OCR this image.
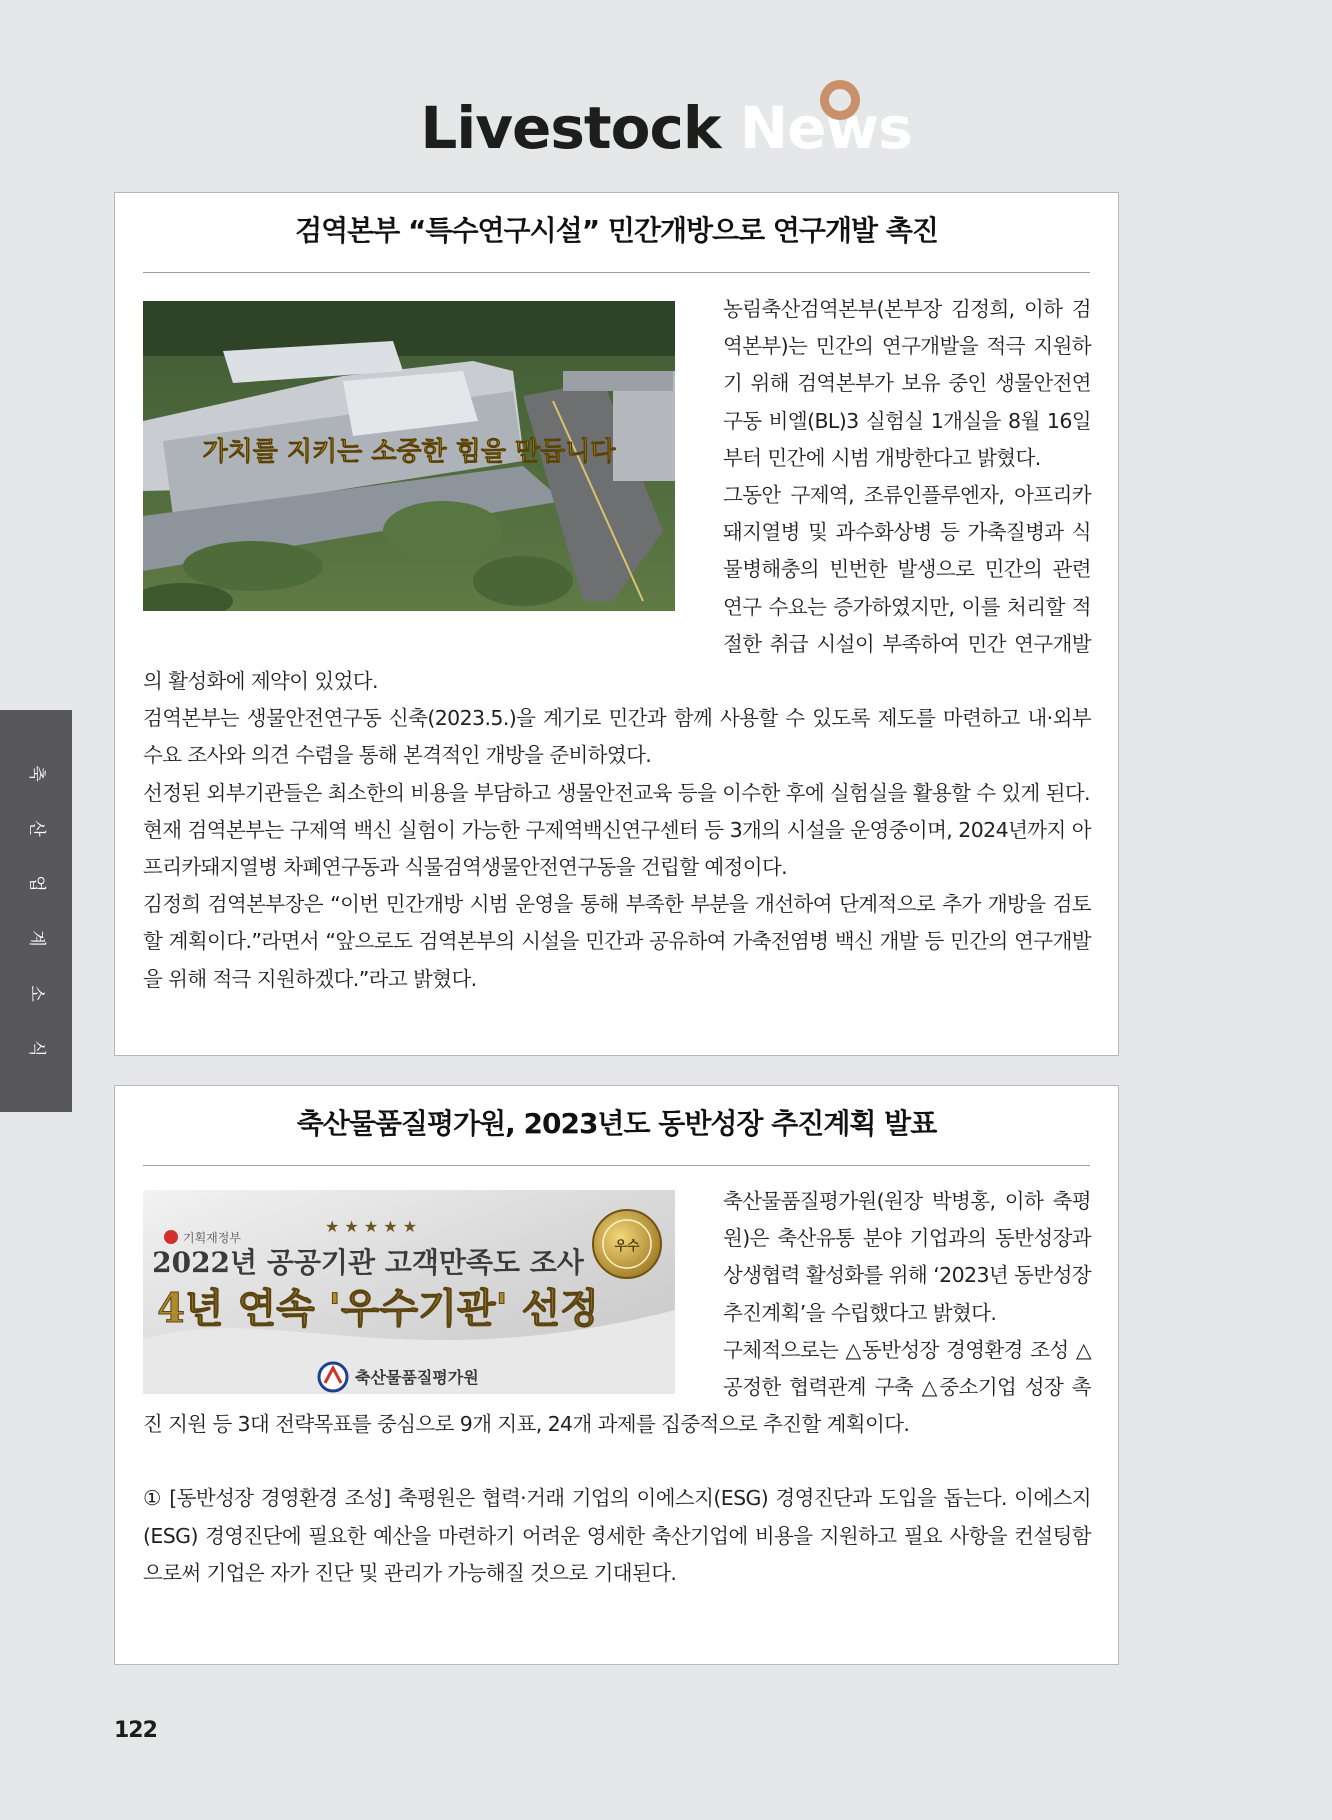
Livestock News
축
산
업
계
소
식
검역본부 “특수연구시설” 민간개방으로 연구개발 촉진
가치를 지키는 소중한 힘을 만듭니다

농림축산검역본부(본부장 김정희, 이하 검역본부)는 민간의 연구개발을 적극 지원하기 위해 검역본부가 보유 중인 생물안전연구동 비엘(BL)3 실험실 1개실을 8월 16일부터 민간에 시범 개방한다고 밝혔다.

그동안 구제역, 조류인플루엔자, 아프리카돼지열병 및 과수화상병 등 가축질병과 식물병해충의 빈번한 발생으로 민간의 관련 연구 수요는 증가하였지만, 이를 처리할 적절한 취급 시설이 부족하여 민간 연구개발의 활성화에 제약이 있었다.

검역본부는 생물안전연구동 신축(2023.5.)을 계기로 민간과 함께 사용할 수 있도록 제도를 마련하고 내·외부 수요 조사와 의견 수렴을 통해 본격적인 개방을 준비하였다.

선정된 외부기관들은 최소한의 비용을 부담하고 생물안전교육 등을 이수한 후에 실험실을 활용할 수 있게 된다.

현재 검역본부는 구제역 백신 실험이 가능한 구제역백신연구센터 등 3개의 시설을 운영중이며, 2024년까지 아프리카돼지열병 차폐연구동과 식물검역생물안전연구동을 건립할 예정이다.

김정희 검역본부장은 “이번 민간개방 시범 운영을 통해 부족한 부분을 개선하여 단계적으로 추가 개방을 검토할 계획이다.”라면서 “앞으로도 검역본부의 시설을 민간과 공유하여 가축전염병 백신 개발 등 민간의 연구개발을 위해 적극 지원하겠다.”라고 밝혔다.

축산물품질평가원, 2023년도 동반성장 추진계획 발표
기획재정부
★ ★ ★ ★ ★
2022년 공공기관 고객만족도 조사
4년 연속 '우수기관' 선정
우수
축산물품질평가원

축산물품질평가원(원장 박병홍, 이하 축평원)은 축산유통 분야 기업과의 동반성장과 상생협력 활성화를 위해 ‘2023년 동반성장 추진계획’을 수립했다고 밝혔다.

구체적으로는 △동반성장 경영환경 조성 △공정한 협력관계 구축 △중소기업 성장 촉진 지원 등 3대 전략목표를 중심으로 9개 지표, 24개 과제를 집중적으로 추진할 계획이다.

① [동반성장 경영환경 조성] 축평원은 협력·거래 기업의 이에스지(ESG) 경영진단과 도입을 돕는다. 이에스지(ESG) 경영진단에 필요한 예산을 마련하기 어려운 영세한 축산기업에 비용을 지원하고 필요 사항을 컨설팅함으로써 기업은 자가 진단 및 관리가 가능해질 것으로 기대된다.

122
